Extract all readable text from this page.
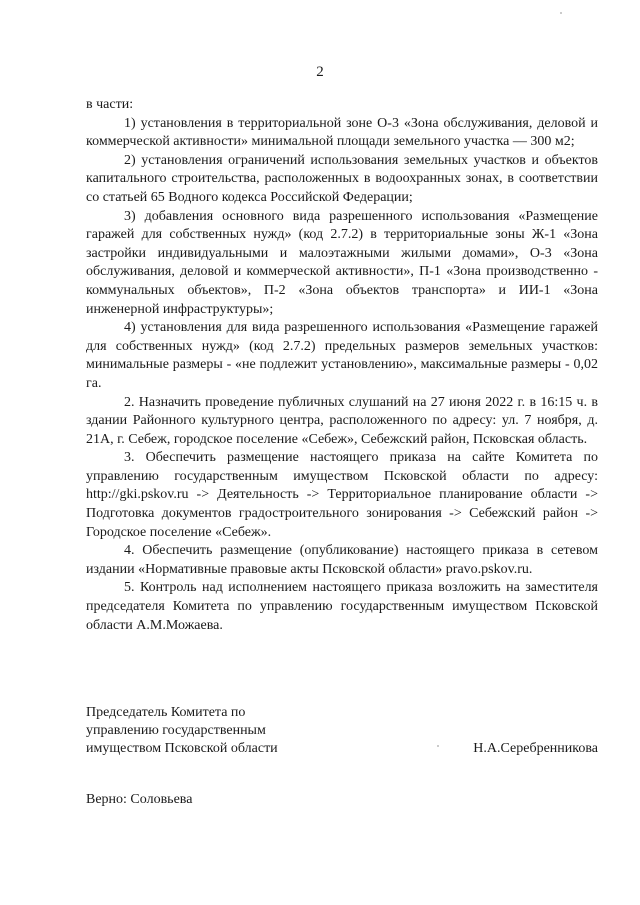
2

в части:

1) установления в территориальной зоне О-3 «Зона обслуживания, деловой и коммерческой активности» минимальной площади земельного участка — 300 м2;

2) установления ограничений использования земельных участков и объектов капитального строительства, расположенных в водоохранных зонах, в соответствии со статьей 65 Водного кодекса Российской Федерации;

3) добавления основного вида разрешенного использования «Размещение гаражей для собственных нужд» (код 2.7.2) в территориальные зоны Ж-1 «Зона застройки индивидуальными и малоэтажными жилыми домами», О-3 «Зона обслуживания, деловой и коммерческой активности», П-1 «Зона производственно - коммунальных объектов», П-2 «Зона объектов транспорта» и ИИ-1 «Зона инженерной инфраструктуры»;

4) установления для вида разрешенного использования «Размещение гаражей для собственных нужд» (код 2.7.2) предельных размеров земельных участков: минимальные размеры - «не подлежит установлению», максимальные размеры - 0,02 га.

2. Назначить проведение публичных слушаний на 27 июня 2022 г. в 16:15 ч. в здании Районного культурного центра, расположенного по адресу: ул. 7 ноября, д. 21А, г. Себеж, городское поселение «Себеж», Себежский район, Псковская область.

3. Обеспечить размещение настоящего приказа на сайте Комитета по управлению государственным имуществом Псковской области по адресу: http://gki.pskov.ru -> Деятельность -> Территориальное планирование области -> Подготовка документов градостроительного зонирования -> Себежский район -> Городское поселение «Себеж».

4. Обеспечить размещение (опубликование) настоящего приказа в сетевом издании «Нормативные правовые акты Псковской области» pravo.pskov.ru.

5. Контроль над исполнением настоящего приказа возложить на заместителя председателя Комитета по управлению государственным имуществом Псковской области А.М.Можаева.

Председатель Комитета по
управлению государственным
имуществом Псковской области	Н.А.Серебренникова
Верно: Соловьева
